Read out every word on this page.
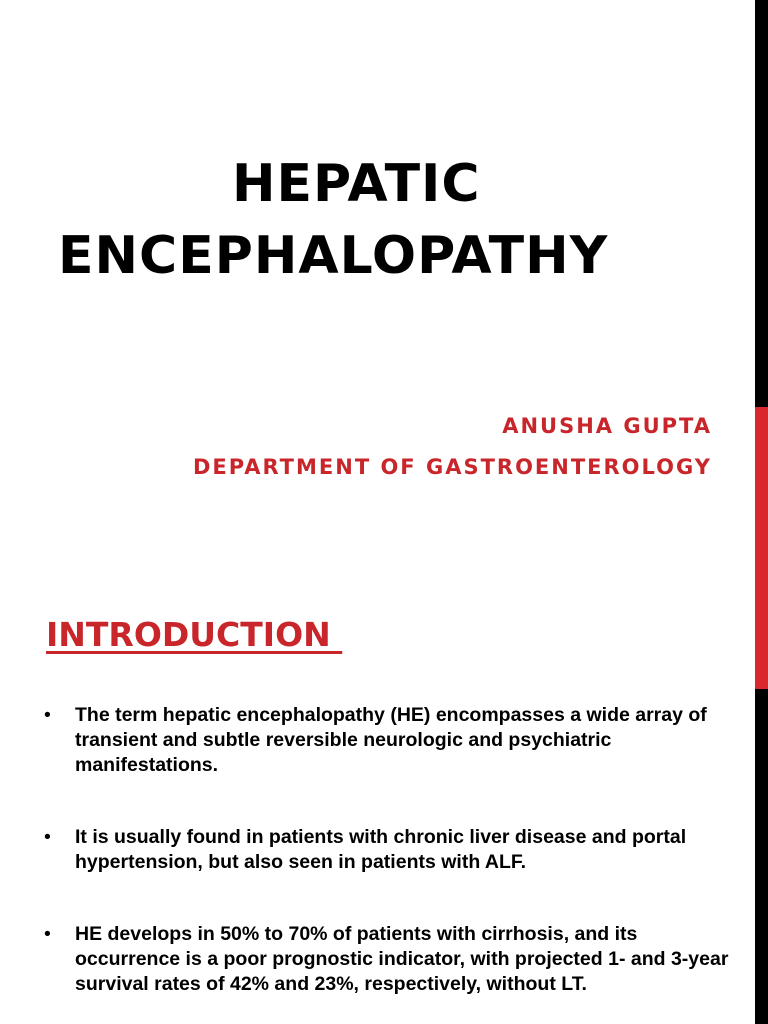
HEPATIC
ENCEPHALOPATHY
ANUSHA GUPTA
DEPARTMENT OF GASTROENTEROLOGY
INTRODUCTION
• The term hepatic encephalopathy (HE) encompasses a wide array of transient and subtle reversible neurologic and psychiatric manifestations.
• It is usually found in patients with chronic liver disease and portal hypertension, but also seen in patients with ALF.
• HE develops in 50% to 70% of patients with cirrhosis, and its occurrence is a poor prognostic indicator, with projected 1- and 3-year survival rates of 42% and 23%, respectively, without LT.
